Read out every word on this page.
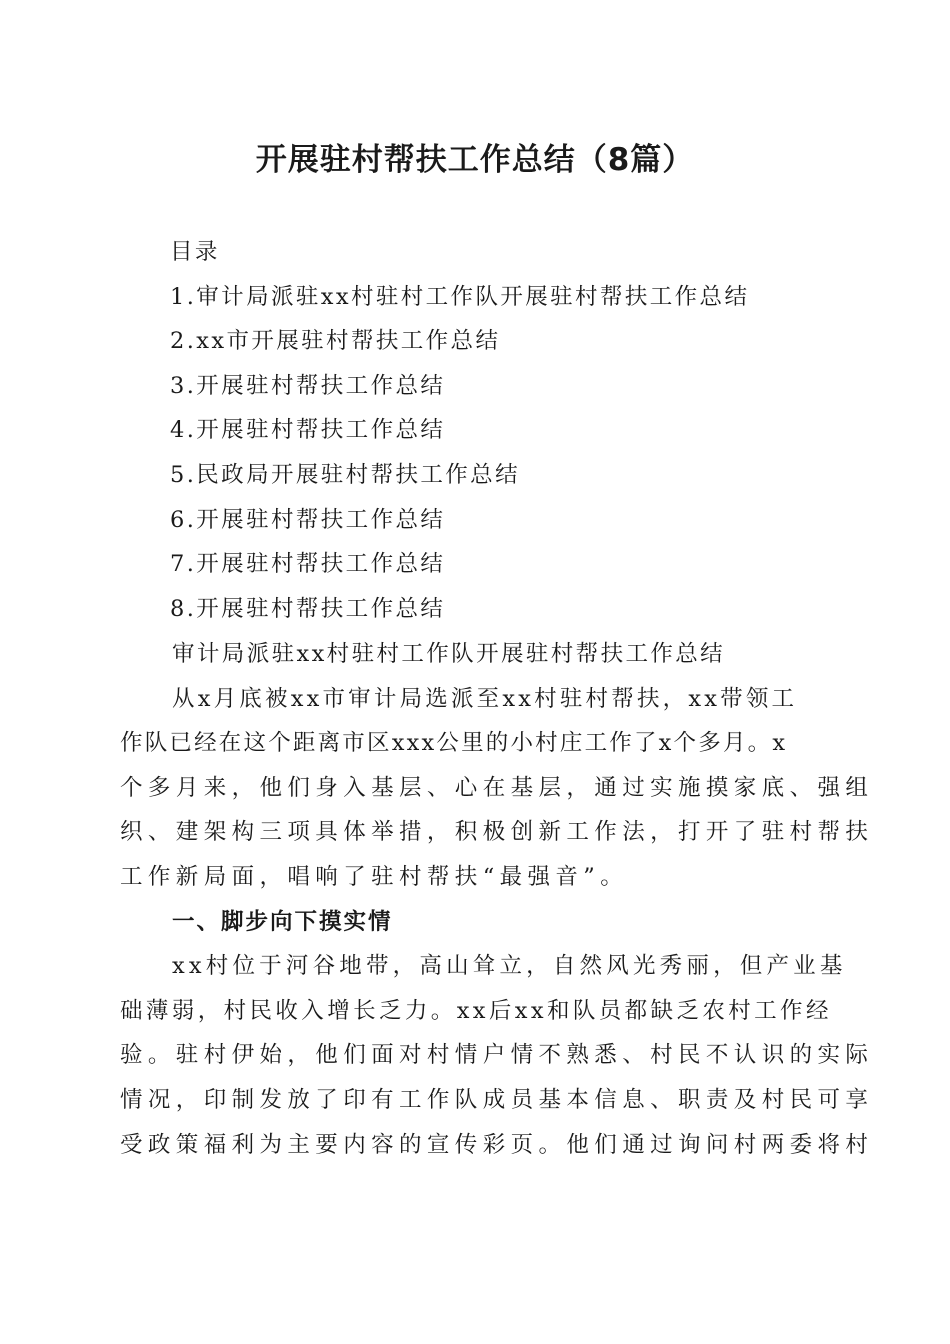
开展驻村帮扶工作总结（8篇）
目录
1.审计局派驻xx村驻村工作队开展驻村帮扶工作总结
2.xx市开展驻村帮扶工作总结
3.开展驻村帮扶工作总结
4.开展驻村帮扶工作总结
5.民政局开展驻村帮扶工作总结
6.开展驻村帮扶工作总结
7.开展驻村帮扶工作总结
8.开展驻村帮扶工作总结
审计局派驻xx村驻村工作队开展驻村帮扶工作总结
从x月底被xx市审计局选派至xx村驻村帮扶，xx带领工
作队已经在这个距离市区xxx公里的小村庄工作了x个多月。x
个多月来，他们身入基层、心在基层，通过实施摸家底、强组
织、建架构三项具体举措，积极创新工作法，打开了驻村帮扶
工作新局面，唱响了驻村帮扶“最强音”。
一、脚步向下摸实情
xx村位于河谷地带，高山耸立，自然风光秀丽，但产业基
础薄弱，村民收入增长乏力。xx后xx和队员都缺乏农村工作经
验。驻村伊始，他们面对村情户情不熟悉、村民不认识的实际
情况，印制发放了印有工作队成员基本信息、职责及村民可享
受政策福利为主要内容的宣传彩页。他们通过询问村两委将村
